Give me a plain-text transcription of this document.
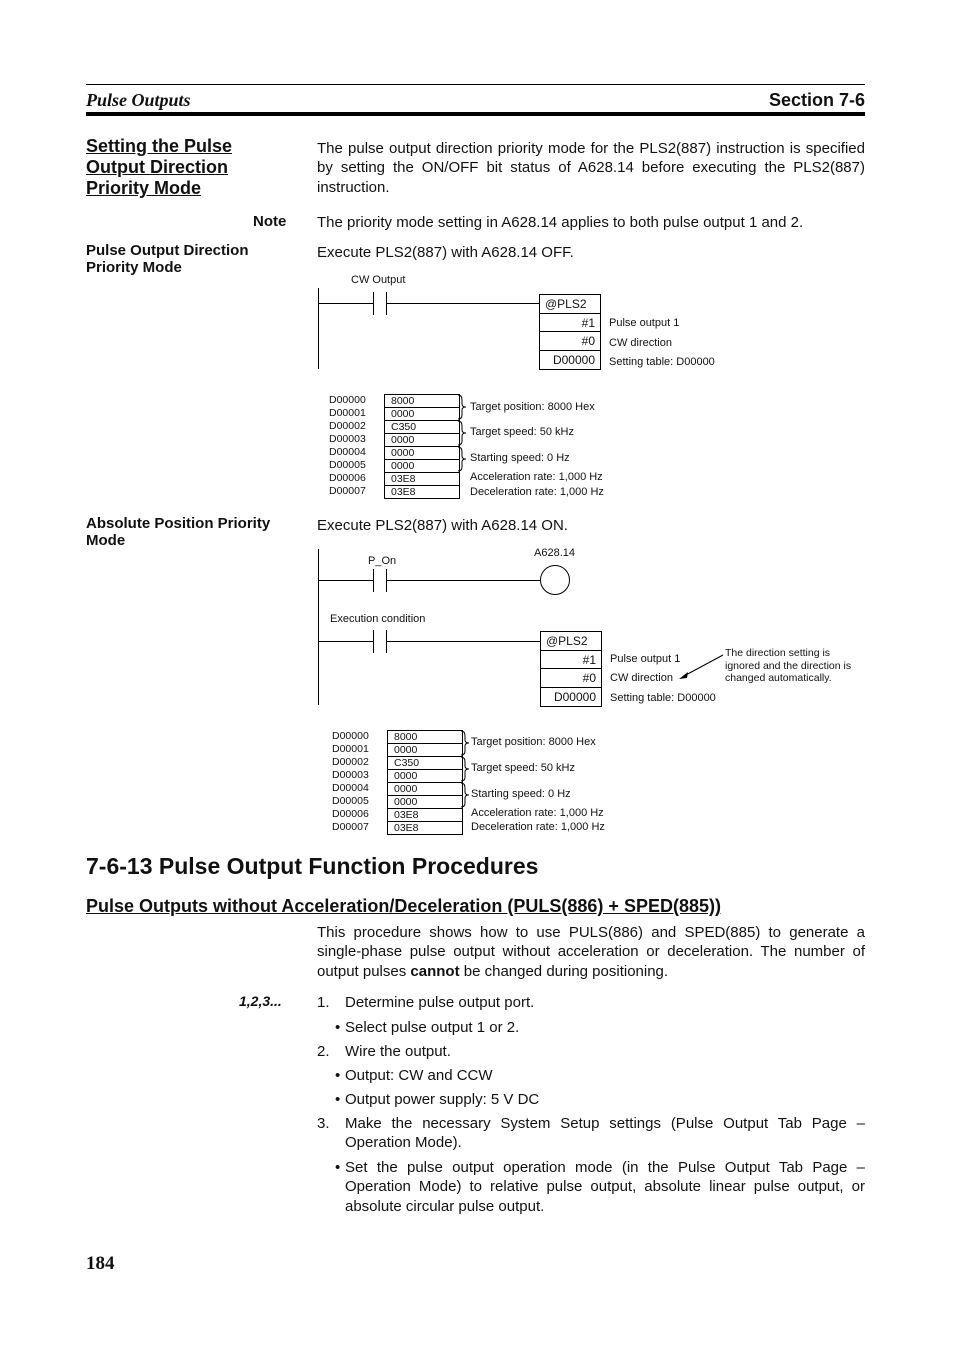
Pulse Outputs	Section 7-6
Setting the Pulse Output Direction Priority Mode
The pulse output direction priority mode for the PLS2(887) instruction is specified by setting the ON/OFF bit status of A628.14 before executing the PLS2(887) instruction.
Note The priority mode setting in A628.14 applies to both pulse output 1 and 2.
Pulse Output Direction Priority Mode
Execute PLS2(887) with A628.14 OFF.
CW Output
@PLS2
#1
#0
D00000
Pulse output 1
CW direction
Setting table: D00000
D00000
D00001
D00002
D00003
D00004
D00005
D00006
D00007
8000
0000
C350
0000
0000
0000
03E8
03E8
Target position: 8000 Hex
Target speed: 50 kHz
Starting speed: 0 Hz
Acceleration rate: 1,000 Hz
Deceleration rate: 1,000 Hz
Absolute Position Priority Mode
Execute PLS2(887) with A628.14 ON.
P_On
A628.14
Execution condition
@PLS2
#1
#0
D00000
Pulse output 1
CW direction
Setting table: D00000
The direction setting is ignored and the direction is changed automatically.
D00000
D00001
D00002
D00003
D00004
D00005
D00006
D00007
8000
0000
C350
0000
0000
0000
03E8
03E8
Target position: 8000 Hex
Target speed: 50 kHz
Starting speed: 0 Hz
Acceleration rate: 1,000 Hz
Deceleration rate: 1,000 Hz
7-6-13 Pulse Output Function Procedures
Pulse Outputs without Acceleration/Deceleration (PULS(886) + SPED(885))
This procedure shows how to use PULS(886) and SPED(885) to generate a single-phase pulse output without acceleration or deceleration. The number of output pulses cannot be changed during positioning.
1,2,3... 1. Determine pulse output port.
• Select pulse output 1 or 2.
2. Wire the output.
• Output: CW and CCW
• Output power supply: 5 V DC
3. Make the necessary System Setup settings (Pulse Output Tab Page – Operation Mode).
• Set the pulse output operation mode (in the Pulse Output Tab Page – Operation Mode) to relative pulse output, absolute linear pulse output, or absolute circular pulse output.
184
